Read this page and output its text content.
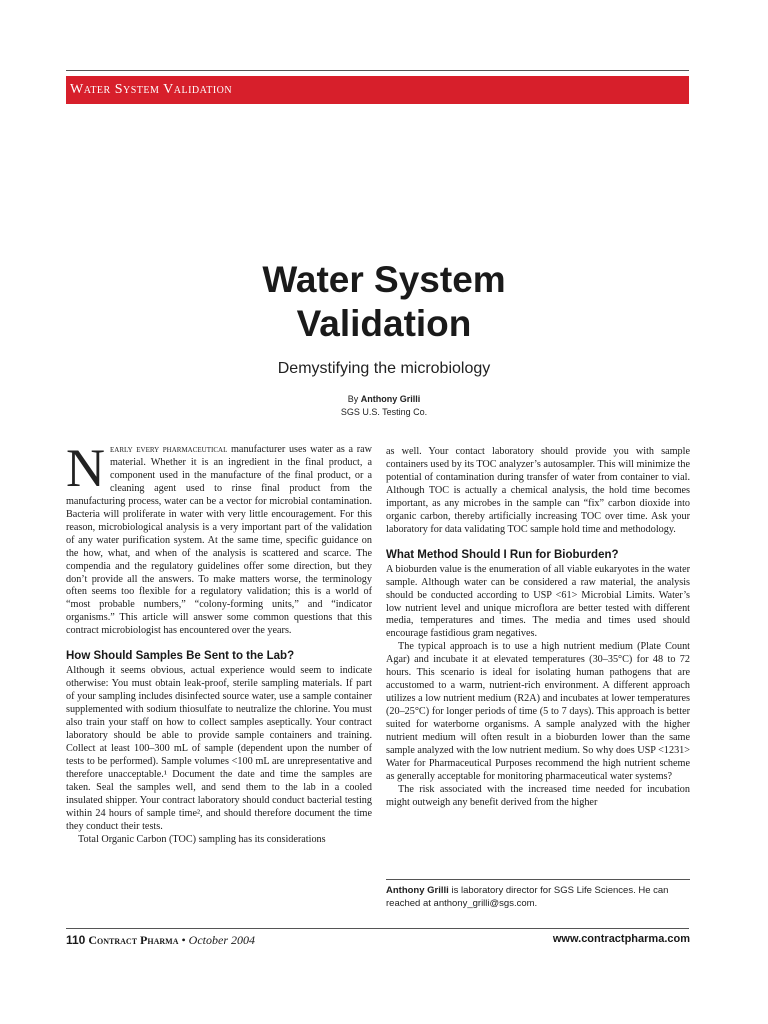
Water System Validation
Water System
Validation
Demystifying the microbiology
By Anthony Grilli
SGS U.S. Testing Co.

Nearly every pharmaceutical manufacturer uses water as a raw material. Whether it is an ingredient in the final product, a component used in the manufacture of the final product, or a cleaning agent used to rinse final product from the manufacturing process, water can be a vector for microbial contamination. Bacteria will proliferate in water with very little encouragement. For this reason, microbiological analysis is a very important part of the validation of any water purification system. At the same time, specific guidance on the how, what, and when of the analysis is scattered and scarce. The compendia and the regulatory guidelines offer some direction, but they don’t provide all the answers. To make matters worse, the terminology often seems too flexible for a regulatory validation; this is a world of “most probable numbers,” “colony-forming units,” and “indicator organisms.” This article will answer some common questions that this contract microbiologist has encountered over the years.

How Should Samples Be Sent to the Lab?

Although it seems obvious, actual experience would seem to indicate otherwise: You must obtain leak-proof, sterile sampling materials. If part of your sampling includes disinfected source water, use a sample container supplemented with sodium thiosulfate to neutralize the chlorine. You must also train your staff on how to collect samples aseptically. Your contract laboratory should be able to provide sample containers and training. Collect at least 100–300 mL of sample (dependent upon the number of tests to be performed). Sample volumes <100 mL are unrepresentative and therefore unacceptable.¹ Document the date and time the samples are taken. Seal the samples well, and send them to the lab in a cooled insulated shipper. Your contract laboratory should conduct bacterial testing within 24 hours of sample time², and should therefore document the time they conduct their tests.

Total Organic Carbon (TOC) sampling has its considerations

as well. Your contact laboratory should provide you with sample containers used by its TOC analyzer’s autosampler. This will minimize the potential of contamination during transfer of water from container to vial. Although TOC is actually a chemical analysis, the hold time becomes important, as any microbes in the sample can “fix” carbon dioxide into organic carbon, thereby artificially increasing TOC over time. Ask your laboratory for data validating TOC sample hold time and methodology.

What Method Should I Run for Bioburden?

A bioburden value is the enumeration of all viable eukaryotes in the water sample. Although water can be considered a raw material, the analysis should be conducted according to USP <61> Microbial Limits. Water’s low nutrient level and unique microflora are better tested with different media, temperatures and times. The media and times used should encourage fastidious gram negatives.

The typical approach is to use a high nutrient medium (Plate Count Agar) and incubate it at elevated temperatures (30–35°C) for 48 to 72 hours. This scenario is ideal for isolating human pathogens that are accustomed to a warm, nutrient-rich environment. A different approach utilizes a low nutrient medium (R2A) and incubates at lower temperatures (20–25°C) for longer periods of time (5 to 7 days). This approach is better suited for waterborne organisms. A sample analyzed with the higher nutrient medium will often result in a bioburden lower than the same sample analyzed with the low nutrient medium. So why does USP <1231> Water for Pharmaceutical Purposes recommend the high nutrient scheme as generally acceptable for monitoring pharmaceutical water systems?

The risk associated with the increased time needed for incubation might outweigh any benefit derived from the higher

Anthony Grilli is laboratory director for SGS Life Sciences. He can reached at anthony_grilli@sgs.com.
110 Contract Pharma • October 2004	www.contractpharma.com
